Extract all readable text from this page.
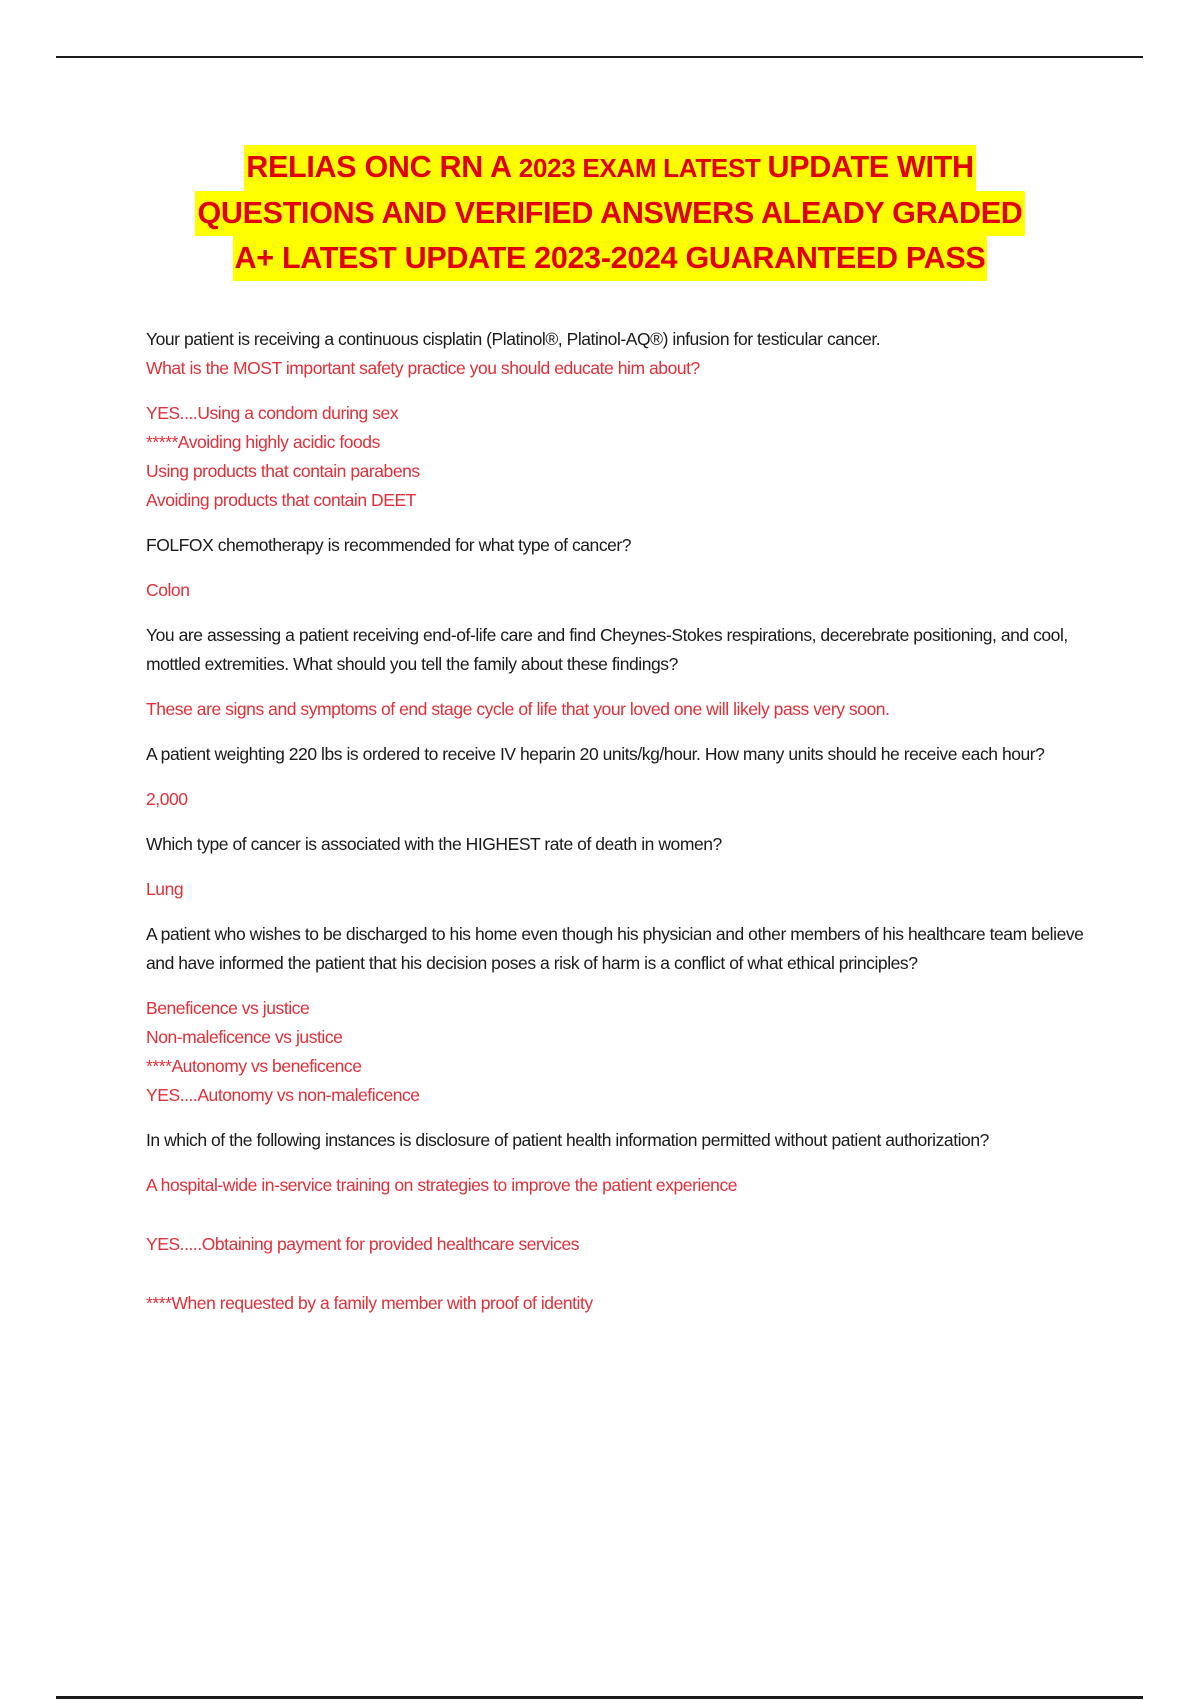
RELIAS ONC RN A 2023 EXAM LATEST UPDATE WITH
QUESTIONS AND VERIFIED ANSWERS ALEADY GRADED
A+ LATEST UPDATE 2023-2024 GUARANTEED PASS

Your patient is receiving a continuous cisplatin (Platinol®, Platinol-AQ®) infusion for testicular cancer.

What is the MOST important safety practice you should educate him about?

YES....Using a condom during sex

*****Avoiding highly acidic foods

Using products that contain parabens

Avoiding products that contain DEET

FOLFOX chemotherapy is recommended for what type of cancer?

Colon

You are assessing a patient receiving end-of-life care and find Cheynes-Stokes respirations, decerebrate positioning, and cool, mottled extremities. What should you tell the family about these findings?

These are signs and symptoms of end stage cycle of life that your loved one will likely pass very soon.

A patient weighting 220 lbs is ordered to receive IV heparin 20 units/kg/hour. How many units should he receive each hour?

2,000

Which type of cancer is associated with the HIGHEST rate of death in women?

Lung

A patient who wishes to be discharged to his home even though his physician and other members of his healthcare team believe and have informed the patient that his decision poses a risk of harm is a conflict of what ethical principles?

Beneficence vs justice

Non-maleficence vs justice

****Autonomy vs beneficence

YES....Autonomy vs non-maleficence

In which of the following instances is disclosure of patient health information permitted without patient authorization?

A hospital-wide in-service training on strategies to improve the patient experience

YES.....Obtaining payment for provided healthcare services

****When requested by a family member with proof of identity
